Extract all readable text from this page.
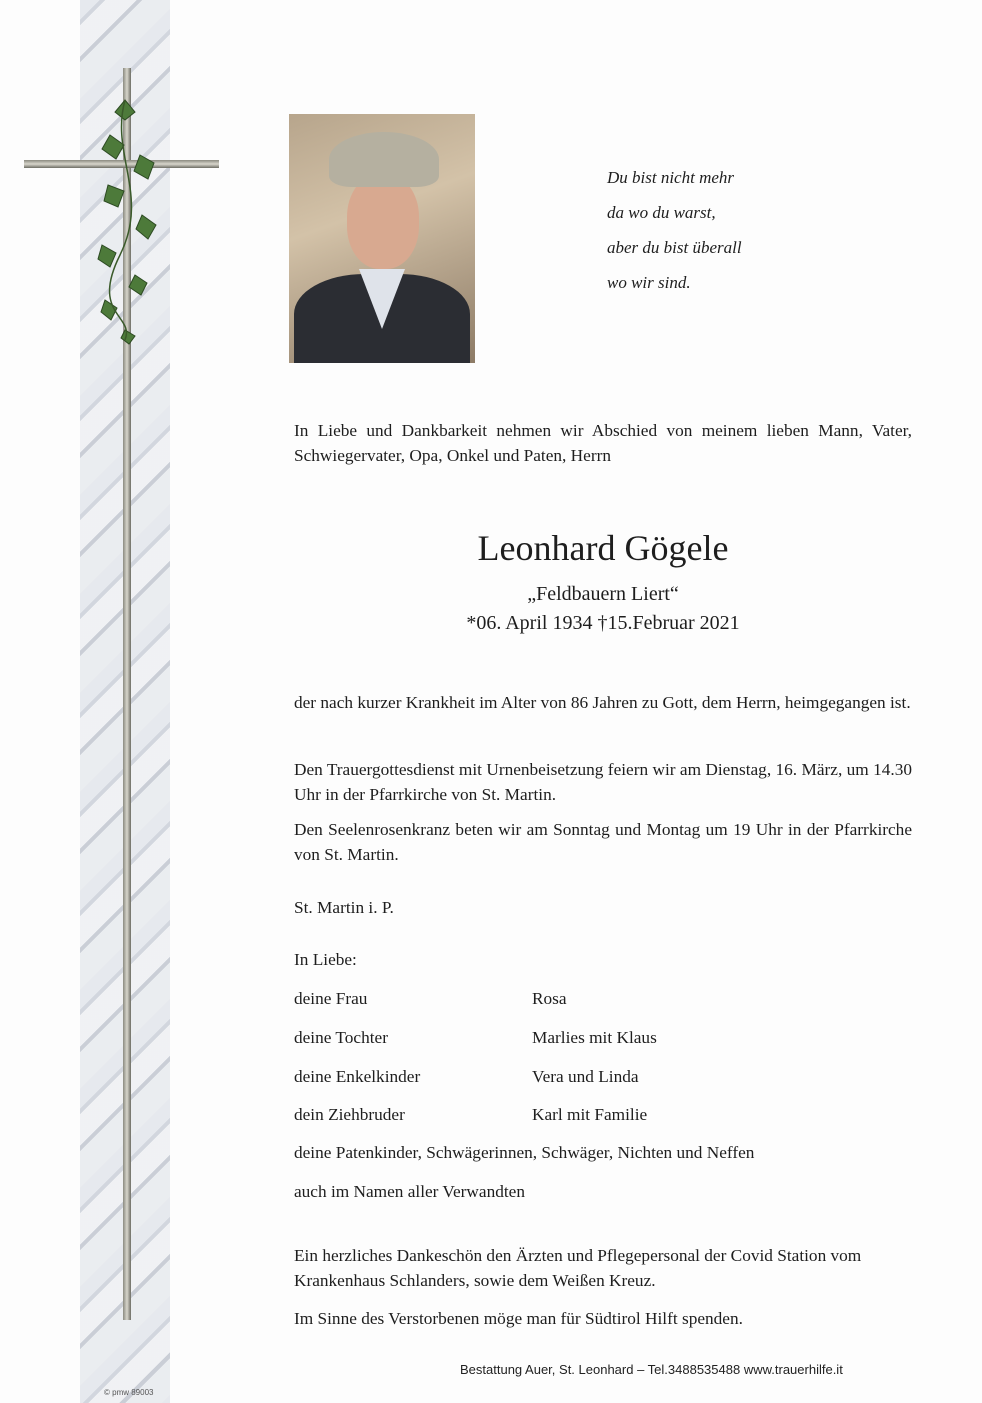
© pmw 89003
Du bist nicht mehr
da wo du warst,
aber du bist überall
wo wir sind.
In Liebe und Dankbarkeit nehmen wir Abschied von meinem lieben Mann, Vater, Schwiegervater, Opa, Onkel und Paten, Herrn
Leonhard Gögele
„Feldbauern Liert“
*06. April 1934 †15.Februar 2021
der nach kurzer Krankheit im Alter von 86 Jahren zu Gott, dem Herrn, heimgegangen ist.
Den Trauergottesdienst mit Urnenbeisetzung feiern wir am Dienstag, 16. März, um 14.30 Uhr in der Pfarrkirche von St. Martin.
Den Seelenrosenkranz beten wir am Sonntag und Montag um 19 Uhr in der Pfarrkirche von St. Martin.
St. Martin i. P.
In Liebe:
deine Frau	Rosa
deine Tochter	Marlies mit Klaus
deine Enkelkinder	Vera und Linda
dein Ziehbruder	Karl mit Familie
deine Patenkinder, Schwägerinnen, Schwäger, Nichten und Neffen
auch im Namen aller Verwandten
Ein herzliches Dankeschön den Ärzten und Pflegepersonal der Covid Station vom Krankenhaus Schlanders, sowie dem Weißen Kreuz.
Im Sinne des Verstorbenen möge man für Südtirol Hilft spenden.
Bestattung Auer, St. Leonhard – Tel.3488535488 www.trauerhilfe.it
